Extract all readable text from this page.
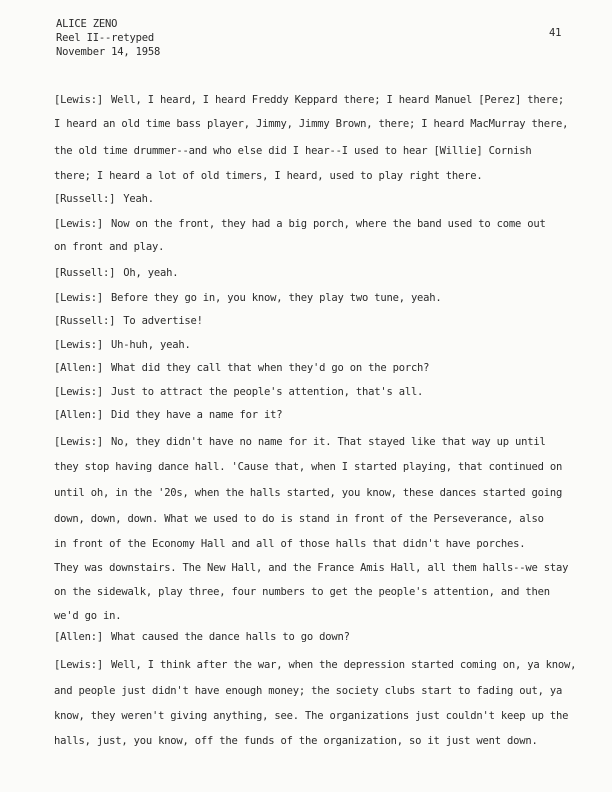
ALICE ZENO
Reel II--retyped
November 14, 1958
41
[Lewis:] Well, I heard, I heard Freddy Keppard there; I heard Manuel [Perez] there;
I heard an old time bass player, Jimmy, Jimmy Brown, there; I heard MacMurray there,
the old time drummer--and who else did I hear--I used to hear [Willie] Cornish
there; I heard a lot of old timers, I heard, used to play right there.
[Russell:] Yeah.
[Lewis:] Now on the front, they had a big porch, where the band used to come out
on front and play.
[Russell:] Oh, yeah.
[Lewis:] Before they go in, you know, they play two tune, yeah.
[Russell:] To advertise!
[Lewis:] Uh-huh, yeah.
[Allen:] What did they call that when they'd go on the porch?
[Lewis:] Just to attract the people's attention, that's all.
[Allen:] Did they have a name for it?
[Lewis:] No, they didn't have no name for it. That stayed like that way up until
they stop having dance hall. 'Cause that, when I started playing, that continued on
until oh, in the '20s, when the halls started, you know, these dances started going
down, down, down. What we used to do is stand in front of the Perseverance, also
in front of the Economy Hall and all of those halls that didn't have porches.
They was downstairs. The New Hall, and the France Amis Hall, all them halls--we stay
on the sidewalk, play three, four numbers to get the people's attention, and then
we'd go in.
[Allen:] What caused the dance halls to go down?
[Lewis:] Well, I think after the war, when the depression started coming on, ya know,
and people just didn't have enough money; the society clubs start to fading out, ya
know, they weren't giving anything, see. The organizations just couldn't keep up the
halls, just, you know, off the funds of the organization, so it just went down.
